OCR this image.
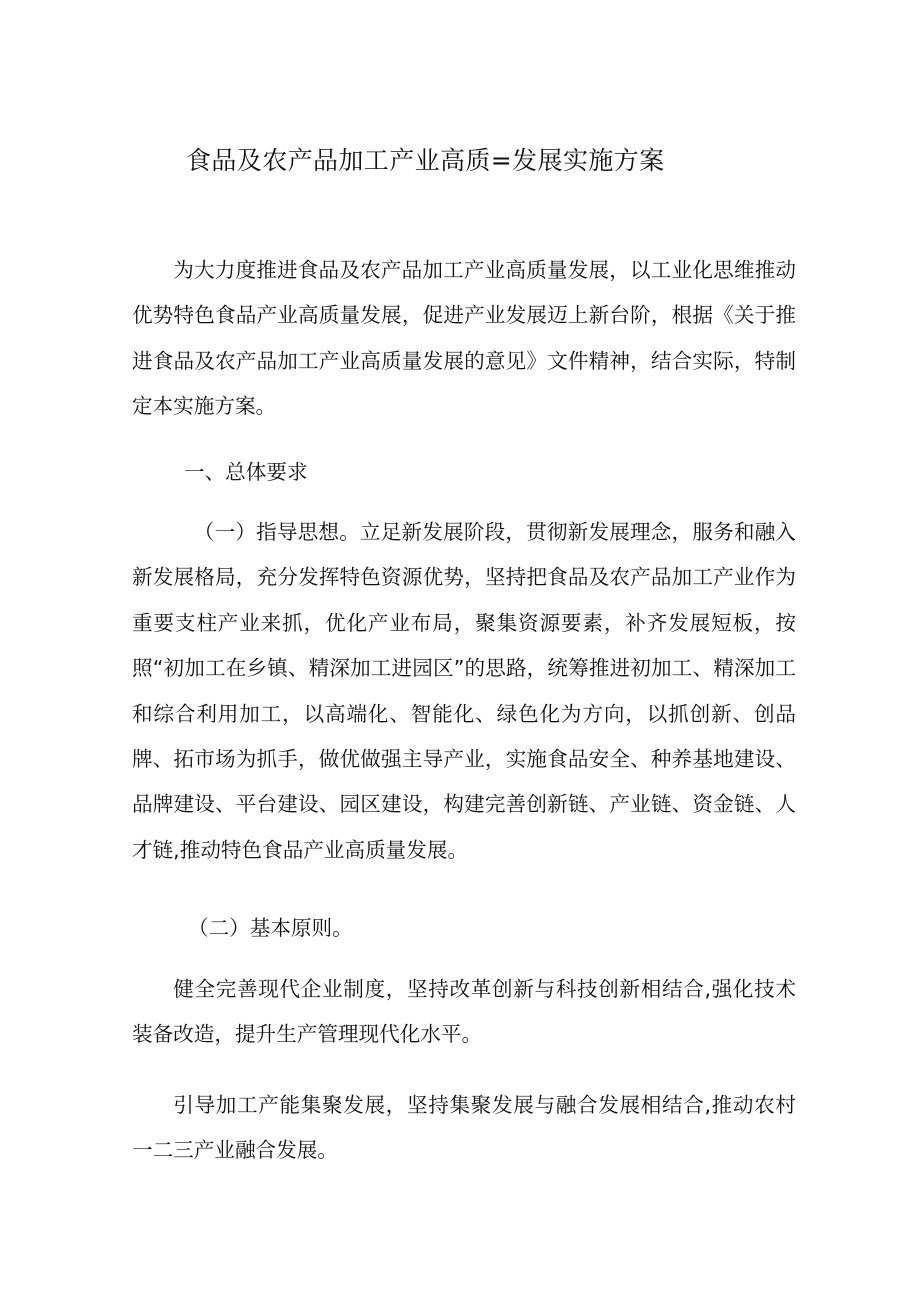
食品及农产品加工产业高质=发展实施方案

为大力度推进食品及农产品加工产业高质量发展，以工业化思维推动优势特色食品产业高质量发展，促进产业发展迈上新台阶，根据《关于推进食品及农产品加工产业高质量发展的意见》文件精神，结合实际，特制定本实施方案。

一、总体要求

（一）指导思想。立足新发展阶段，贯彻新发展理念，服务和融入新发展格局，充分发挥特色资源优势，坚持把食品及农产品加工产业作为重要支柱产业来抓，优化产业布局，聚集资源要素，补齐发展短板，按照“初加工在乡镇、精深加工进园区”的思路，统筹推进初加工、精深加工和综合利用加工，以高端化、智能化、绿色化为方向，以抓创新、创品牌、拓市场为抓手，做优做强主导产业，实施食品安全、种养基地建设、品牌建设、平台建设、园区建设，构建完善创新链、产业链、资金链、人才链,推动特色食品产业高质量发展。

（二）基本原则。

健全完善现代企业制度，坚持改革创新与科技创新相结合,强化技术装备改造，提升生产管理现代化水平。

引导加工产能集聚发展，坚持集聚发展与融合发展相结合,推动农村一二三产业融合发展。
